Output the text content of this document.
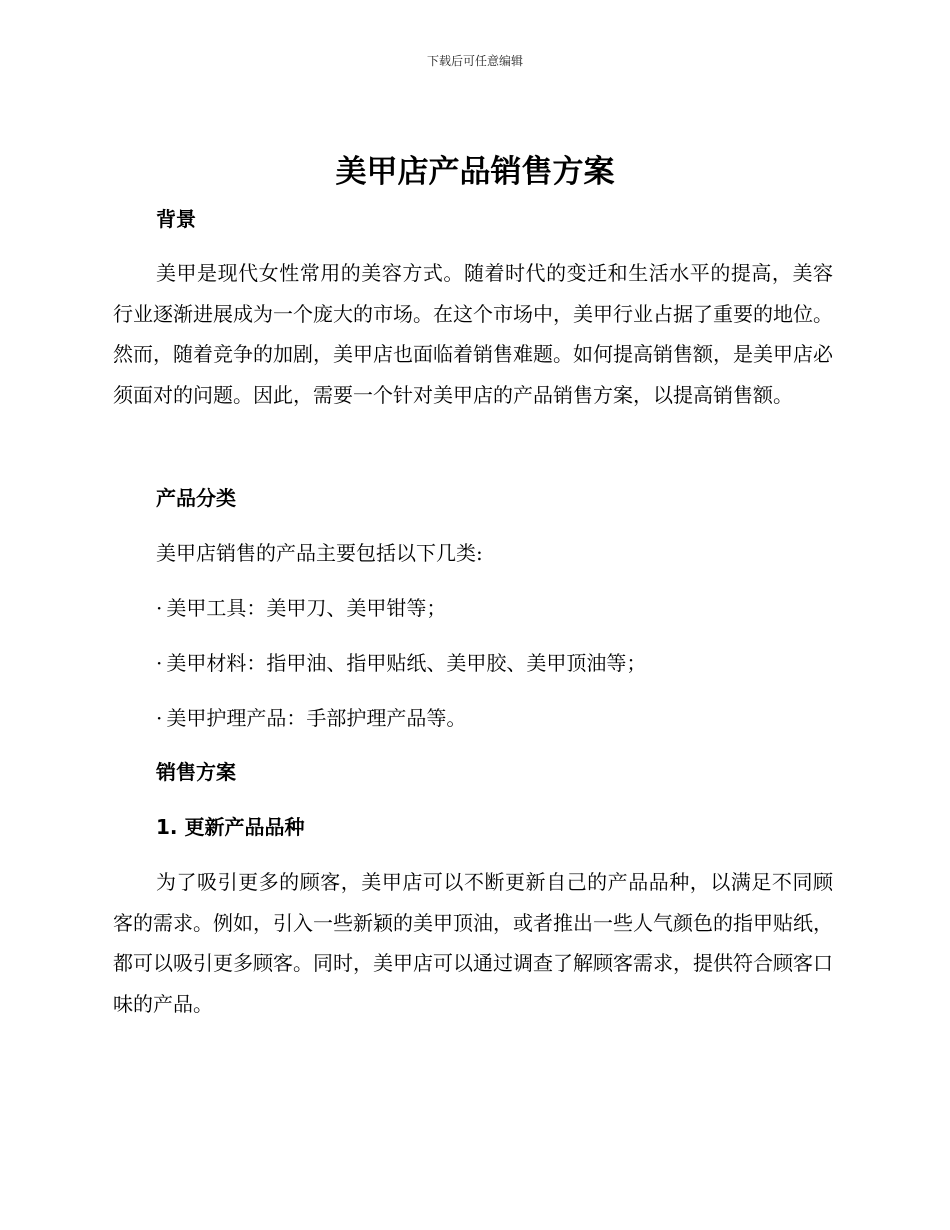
下载后可任意编辑
美甲店产品销售方案
背景

美甲是现代女性常用的美容方式。随着时代的变迁和生活水平的提高，美容行业逐渐进展成为一个庞大的市场。在这个市场中，美甲行业占据了重要的地位。然而，随着竞争的加剧，美甲店也面临着销售难题。如何提高销售额，是美甲店必须面对的问题。因此，需要一个针对美甲店的产品销售方案，以提高销售额。

产品分类

美甲店销售的产品主要包括以下几类:

· 美甲工具：美甲刀、美甲钳等；

· 美甲材料：指甲油、指甲贴纸、美甲胶、美甲顶油等；

· 美甲护理产品：手部护理产品等。

销售方案
1. 更新产品品种

为了吸引更多的顾客，美甲店可以不断更新自己的产品品种，以满足不同顾客的需求。例如，引入一些新颖的美甲顶油，或者推出一些人气颜色的指甲贴纸，都可以吸引更多顾客。同时，美甲店可以通过调查了解顾客需求，提供符合顾客口味的产品。
